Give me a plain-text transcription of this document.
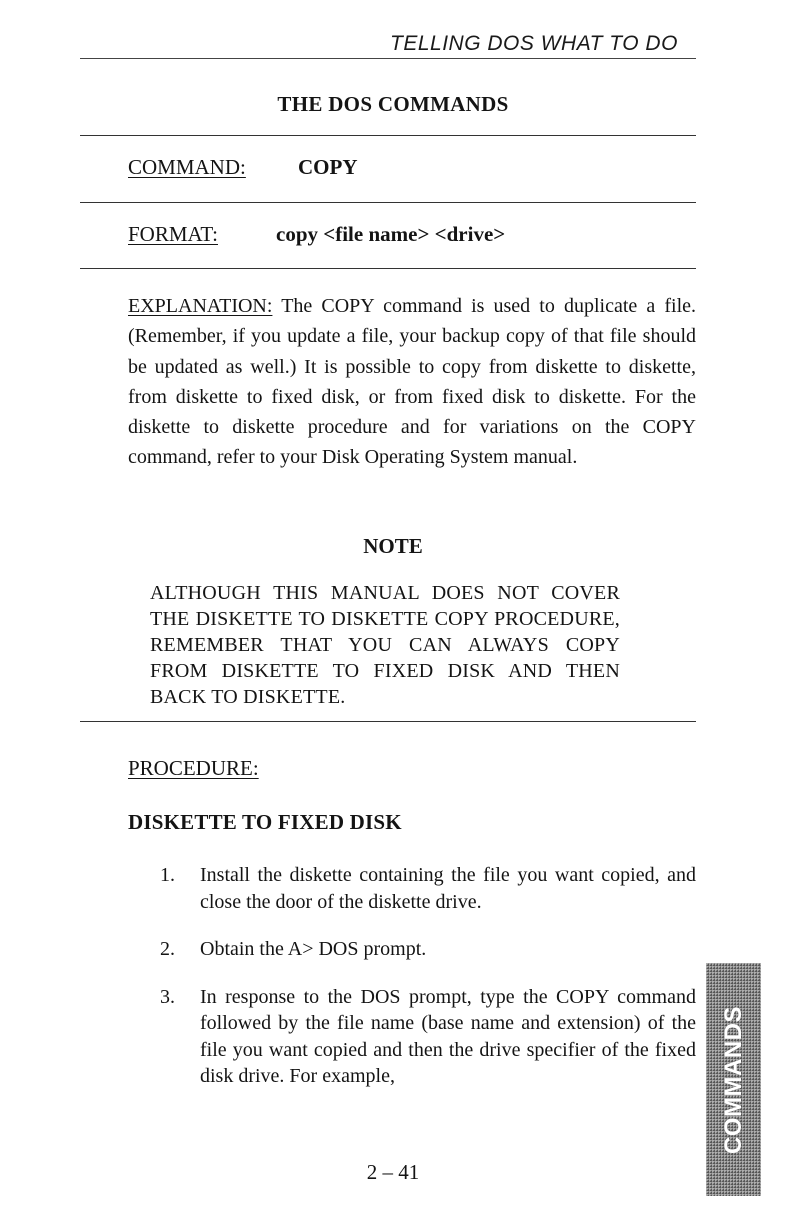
TELLING DOS WHAT TO DO
THE DOS COMMANDS
COMMAND: COPY
FORMAT:	copy <file name> <drive>
EXPLANATION: The COPY command is used to duplicate a file. (Remember, if you update a file, your backup copy of that file should be updated as well.) It is possible to copy from diskette to diskette, from diskette to fixed disk, or from fixed disk to diskette. For the diskette to diskette procedure and for variations on the COPY command, refer to your Disk Operating System manual.
NOTE
ALTHOUGH THIS MANUAL DOES NOT COVER THE DISKETTE TO DISKETTE COPY PROCEDURE, REMEMBER THAT YOU CAN ALWAYS COPY FROM DISKETTE TO FIXED DISK AND THEN BACK TO DISKETTE.
PROCEDURE:
DISKETTE TO FIXED DISK
1.	Install the diskette containing the file you want copied, and close the door of the diskette drive.
2.	Obtain the A> DOS prompt.
3.	In response to the DOS prompt, type the COPY command followed by the file name (base name and extension) of the file you want copied and then the drive specifier of the fixed disk drive. For example,
2 – 41
COMMANDS
